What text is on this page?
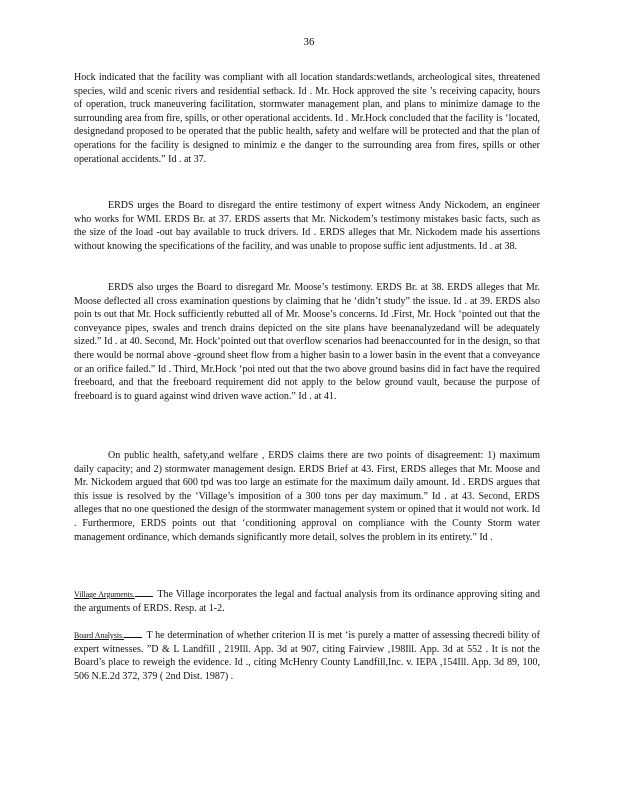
36

Hock indicated that the facility was compliant with all location standards:wetlands, archeological sites, threatened species, wild and scenic rivers and residential setback. Id . Mr. Hock approved the site ’s receiving capacity, hours of operation, truck maneuvering facilitation, stormwater management plan, and plans to minimize damage to the surrounding area from fire, spills, or other operational accidents. Id . Mr.Hock concluded that the facility is ‘located, designedand proposed to be operated that the public health, safety and welfare will be protected and that the plan of operations for the facility is designed to minimiz e the danger to the surrounding area from fires, spills or other operational accidents.” Id . at 37.

ERDS urges the Board to disregard the entire testimony of expert witness Andy Nickodem, an engineer who works for WMI. ERDS Br. at 37. ERDS asserts that Mr. Nickodem’s testimony mistakes basic facts, such as the size of the load -out bay available to truck drivers. Id . ERDS alleges that Mr. Nickodem made his assertions without knowing the specifications of the facility, and was unable to propose suffic ient adjustments. Id . at 38.

ERDS also urges the Board to disregard Mr. Moose’s testimony. ERDS Br. at 38. ERDS alleges that Mr. Moose deflected all cross examination questions by claiming that he ‘didn’t study” the issue. Id . at 39. ERDS also poin ts out that Mr. Hock sufficiently rebutted all of Mr. Moose’s concerns. Id .First, Mr. Hock ‘pointed out that the conveyance pipes, swales and trench drains depicted on the site plans have beenanalyzedand will be adequately sized.” Id . at 40. Second, Mr. Hock‘pointed out that overflow scenarios had beenaccounted for in the design, so that there would be normal above -ground sheet flow from a higher basin to a lower basin in the event that a conveyance or an orifice failed.” Id . Third, Mr.Hock ‘poi nted out that the two above ground basins did in fact have the required freeboard, and that the freeboard requirement did not apply to the below ground vault, because the purpose of freeboard is to guard against wind driven wave action.” Id . at 41.

On public health, safety,and welfare , ERDS claims there are two points of disagreement: 1) maximum daily capacity; and 2) stormwater management design. ERDS Brief at 43. First, ERDS alleges that Mr. Moose and Mr. Nickodem argued that 600 tpd was too large an estimate for the maximum daily amount. Id . ERDS argues that this issue is resolved by the ‘Village’s imposition of a 300 tons per day maximum.” Id . at 43. Second, ERDS alleges that no one questioned the design of the stormwater management system or opined that it would not work. Id . Furthermore, ERDS points out that ‘conditioning approval on compliance with the County Storm water management ordinance, which demands significantly more detail, solves the problem in its entirety.” Id .

Village Arguments. The Village incorporates the legal and factual analysis from its ordinance approving siting and the arguments of ERDS. Resp. at 1-2.

Board Analysis. T he determination of whether criterion II is met ‘is purely a matter of assessing thecredi bility of expert witnesses. ”D & L Landfill , 219Ill. App. 3d at 907, citing Fairview ,198Ill. App. 3d at 552 . It is not the Board’s place to reweigh the evidence. Id ., citing McHenry County Landfill,Inc. v. IEPA ,154Ill. App. 3d 89, 100, 506 N.E.2d 372, 379 ( 2nd Dist. 1987) .
